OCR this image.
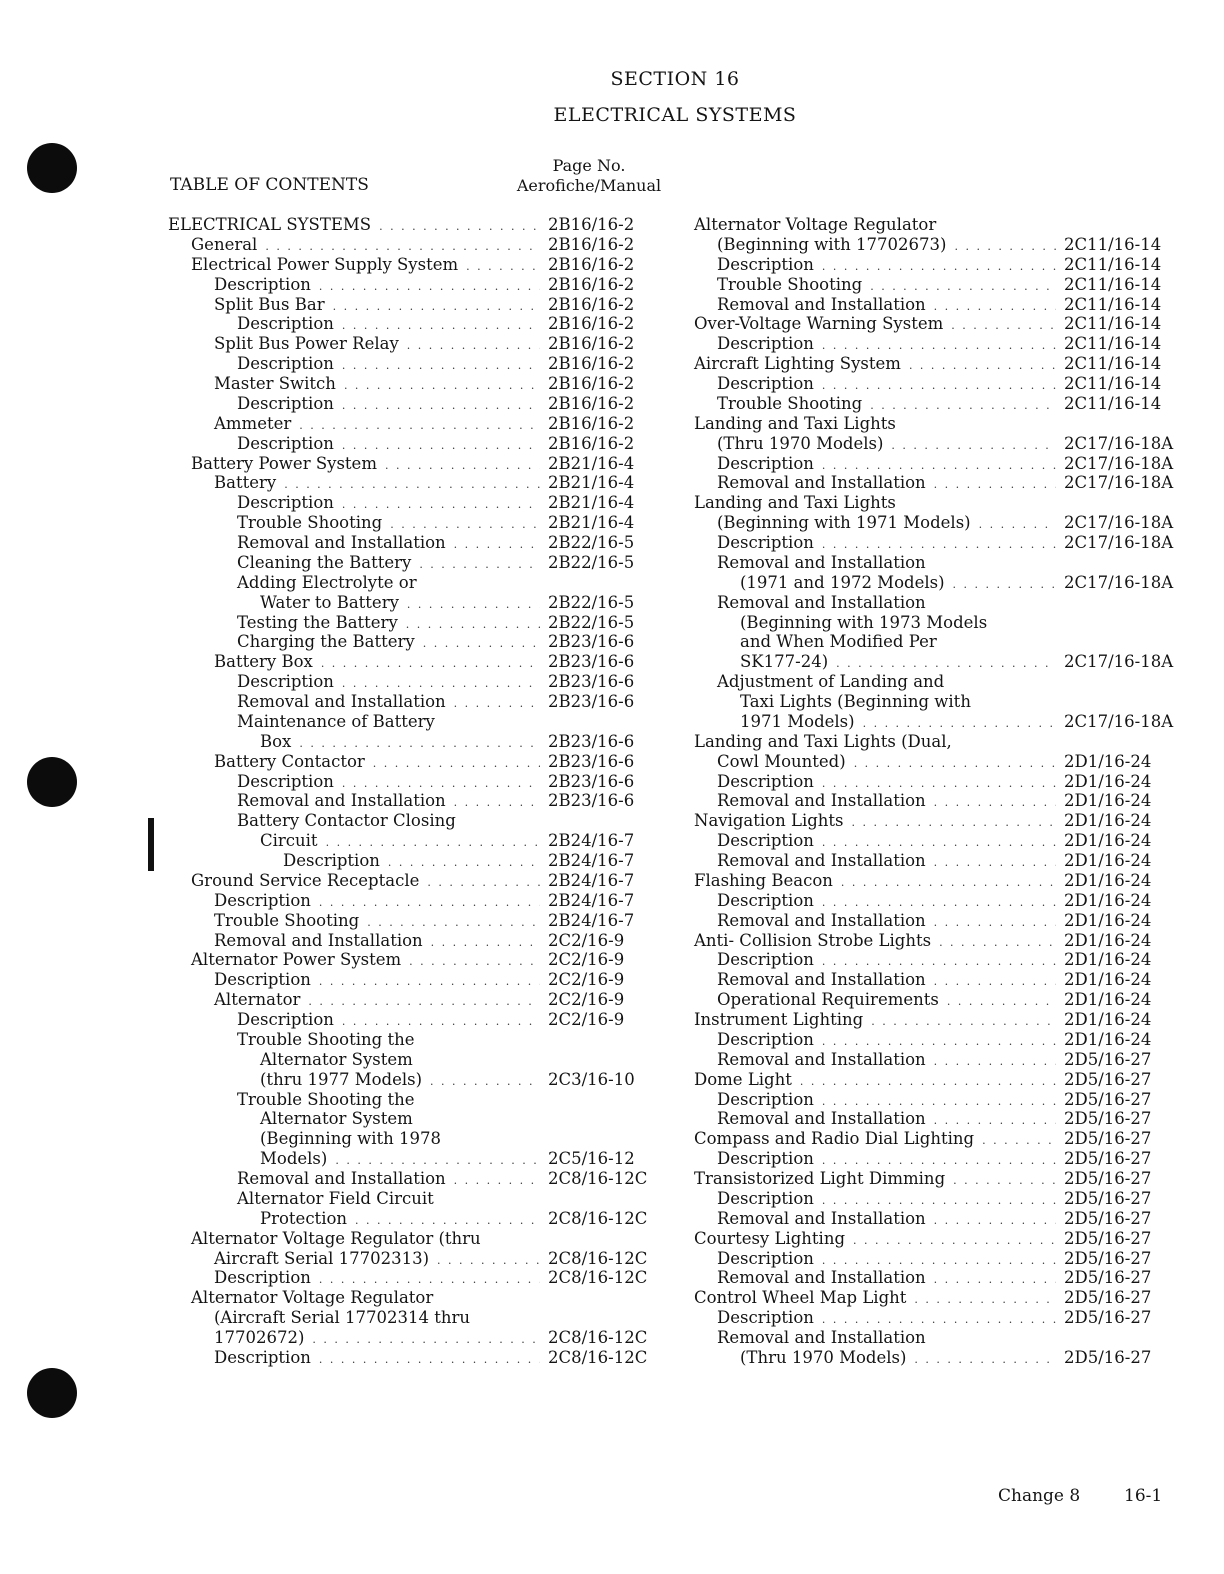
SECTION 16
ELECTRICAL SYSTEMS
TABLE OF CONTENTS
Page No.
Aerofiche/Manual
ELECTRICAL SYSTEMS . . .	2B16/16-2
General . . .	2B16/16-2
Electrical Power Supply System . . .	2B16/16-2
Description . . .	2B16/16-2
Split Bus Bar . . .	2B16/16-2
Description . . .	2B16/16-2
Split Bus Power Relay . . .	2B16/16-2
Description . . .	2B16/16-2
Master Switch . . .	2B16/16-2
Description . . .	2B16/16-2
Ammeter . . .	2B16/16-2
Description . . .	2B16/16-2
Battery Power System . . .	2B21/16-4
Battery . . .	2B21/16-4
Description . . .	2B21/16-4
Trouble Shooting . . .	2B21/16-4
Removal and Installation . . .	2B22/16-5
Cleaning the Battery . . .	2B22/16-5
Adding Electrolyte or
Water to Battery . . .	2B22/16-5
Testing the Battery . . .	2B22/16-5
Charging the Battery . . .	2B23/16-6
Battery Box . . .	2B23/16-6
Description . . .	2B23/16-6
Removal and Installation . . .	2B23/16-6
Maintenance of Battery
Box . . .	2B23/16-6
Battery Contactor . . .	2B23/16-6
Description . . .	2B23/16-6
Removal and Installation . . .	2B23/16-6
Battery Contactor Closing
Circuit . . .	2B24/16-7
Description . . .	2B24/16-7
Ground Service Receptacle . . .	2B24/16-7
Description . . .	2B24/16-7
Trouble Shooting . . .	2B24/16-7
Removal and Installation . . .	2C2/16-9
Alternator Power System . . .	2C2/16-9
Description . . .	2C2/16-9
Alternator . . .	2C2/16-9
Description . . .	2C2/16-9
Trouble Shooting the
Alternator System
(thru 1977 Models) . . .	2C3/16-10
Trouble Shooting the
Alternator System
(Beginning with 1978
Models) . . .	2C5/16-12
Removal and Installation . . .	2C8/16-12C
Alternator Field Circuit
Protection . . .	2C8/16-12C
Alternator Voltage Regulator (thru
Aircraft Serial 17702313) . . .	2C8/16-12C
Description . . .	2C8/16-12C
Alternator Voltage Regulator
(Aircraft Serial 17702314 thru
17702672) . . .	2C8/16-12C
Description . . .	2C8/16-12C
Alternator Voltage Regulator
(Beginning with 17702673) . . .	2C11/16-14
Description . . .	2C11/16-14
Trouble Shooting . . .	2C11/16-14
Removal and Installation . . .	2C11/16-14
Over-Voltage Warning System . . .	2C11/16-14
Description . . .	2C11/16-14
Aircraft Lighting System . . .	2C11/16-14
Description . . .	2C11/16-14
Trouble Shooting . . .	2C11/16-14
Landing and Taxi Lights
(Thru 1970 Models) . . .	2C17/16-18A
Description . . .	2C17/16-18A
Removal and Installation . . .	2C17/16-18A
Landing and Taxi Lights
(Beginning with 1971 Models) . . .	2C17/16-18A
Description . . .	2C17/16-18A
Removal and Installation
(1971 and 1972 Models) . . .	2C17/16-18A
Removal and Installation
(Beginning with 1973 Models
and When Modified Per
SK177-24) . . .	2C17/16-18A
Adjustment of Landing and
Taxi Lights (Beginning with
1971 Models) . . .	2C17/16-18A
Landing and Taxi Lights (Dual,
Cowl Mounted) . . .	2D1/16-24
Description . . .	2D1/16-24
Removal and Installation . . .	2D1/16-24
Navigation Lights . . .	2D1/16-24
Description . . .	2D1/16-24
Removal and Installation . . .	2D1/16-24
Flashing Beacon . . .	2D1/16-24
Description . . .	2D1/16-24
Removal and Installation . . .	2D1/16-24
Anti- Collision Strobe Lights . . .	2D1/16-24
Description . . .	2D1/16-24
Removal and Installation . . .	2D1/16-24
Operational Requirements . . .	2D1/16-24
Instrument Lighting . . .	2D1/16-24
Description . . .	2D1/16-24
Removal and Installation . . .	2D5/16-27
Dome Light . . .	2D5/16-27
Description . . .	2D5/16-27
Removal and Installation . . .	2D5/16-27
Compass and Radio Dial Lighting . . .	2D5/16-27
Description . . .	2D5/16-27
Transistorized Light Dimming . . .	2D5/16-27
Description . . .	2D5/16-27
Removal and Installation . . .	2D5/16-27
Courtesy Lighting . . .	2D5/16-27
Description . . .	2D5/16-27
Removal and Installation . . .	2D5/16-27
Control Wheel Map Light . . .	2D5/16-27
Description . . .	2D5/16-27
Removal and Installation
(Thru 1970 Models) . . .	2D5/16-27
Change 8	16-1
